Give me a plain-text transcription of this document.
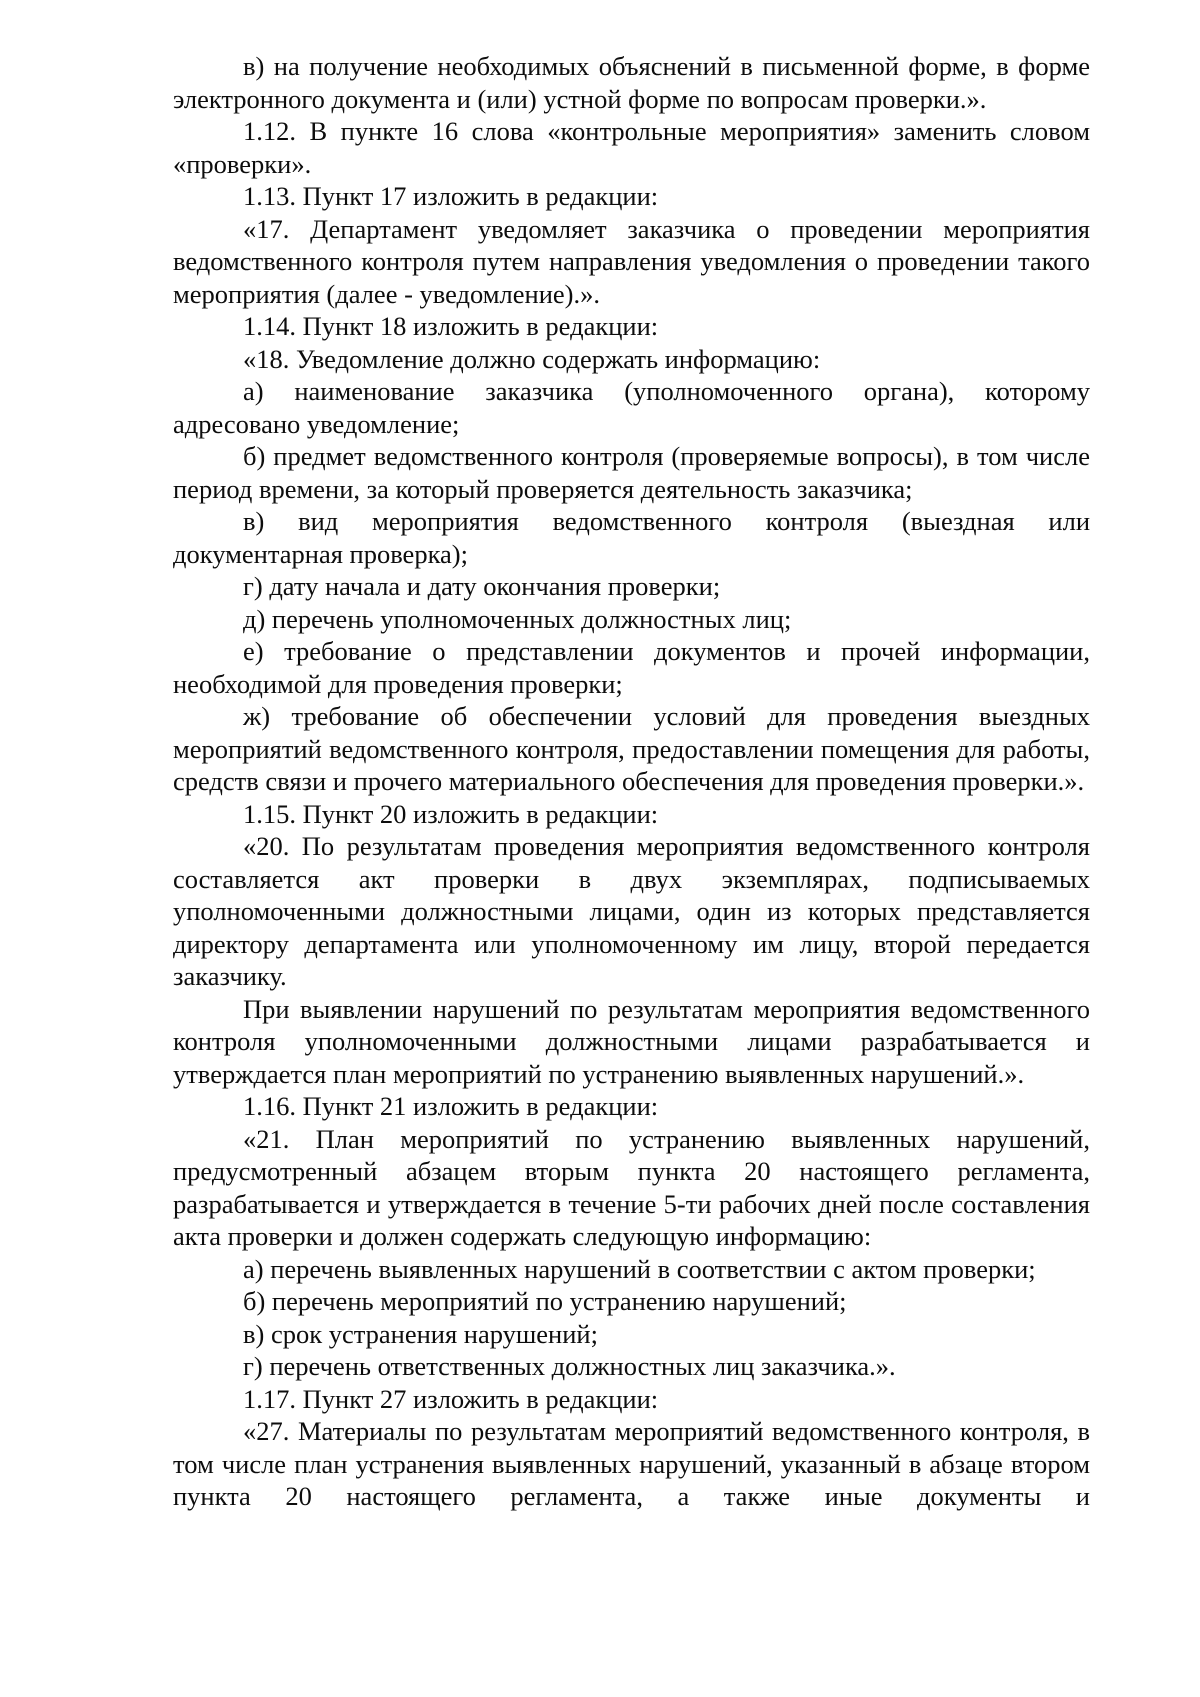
в) на получение необходимых объяснений в письменной форме, в форме электронного документа и (или) устной форме по вопросам проверки.».

1.12. В пункте 16 слова «контрольные мероприятия» заменить словом «проверки».

1.13. Пункт 17 изложить в редакции:

«17. Департамент уведомляет заказчика о проведении мероприятия ведомственного контроля путем направления уведомления о проведении такого мероприятия (далее - уведомление).».

1.14. Пункт 18 изложить в редакции:

«18. Уведомление должно содержать информацию:

а) наименование заказчика (уполномоченного органа), которому адресовано уведомление;

б) предмет ведомственного контроля (проверяемые вопросы), в том числе период времени, за который проверяется деятельность заказчика;

в) вид мероприятия ведомственного контроля (выездная или документарная проверка);

г) дату начала и дату окончания проверки;

д) перечень уполномоченных должностных лиц;

е) требование о представлении документов и прочей информации, необходимой для проведения проверки;

ж) требование об обеспечении условий для проведения выездных мероприятий ведомственного контроля, предоставлении помещения для работы, средств связи и прочего материального обеспечения для проведения проверки.».

1.15. Пункт 20 изложить в редакции:

«20. По результатам проведения мероприятия ведомственного контроля составляется акт проверки в двух экземплярах, подписываемых уполномоченными должностными лицами, один из которых представляется директору департамента или уполномоченному им лицу, второй передается заказчику.

При выявлении нарушений по результатам мероприятия ведомственного контроля уполномоченными должностными лицами разрабатывается и утверждается план мероприятий по устранению выявленных нарушений.».

1.16. Пункт 21 изложить в редакции:

«21. План мероприятий по устранению выявленных нарушений, предусмотренный абзацем вторым пункта 20 настоящего регламента, разрабатывается и утверждается в течение 5-ти рабочих дней после составления акта проверки и должен содержать следующую информацию:

а) перечень выявленных нарушений в соответствии с актом проверки;

б) перечень мероприятий по устранению нарушений;

в) срок устранения нарушений;

г) перечень ответственных должностных лиц заказчика.».

1.17. Пункт 27 изложить в редакции:

«27. Материалы по результатам мероприятий ведомственного контроля, в том числе план устранения выявленных нарушений, указанный в абзаце втором пункта 20 настоящего регламента, а также иные документы и
